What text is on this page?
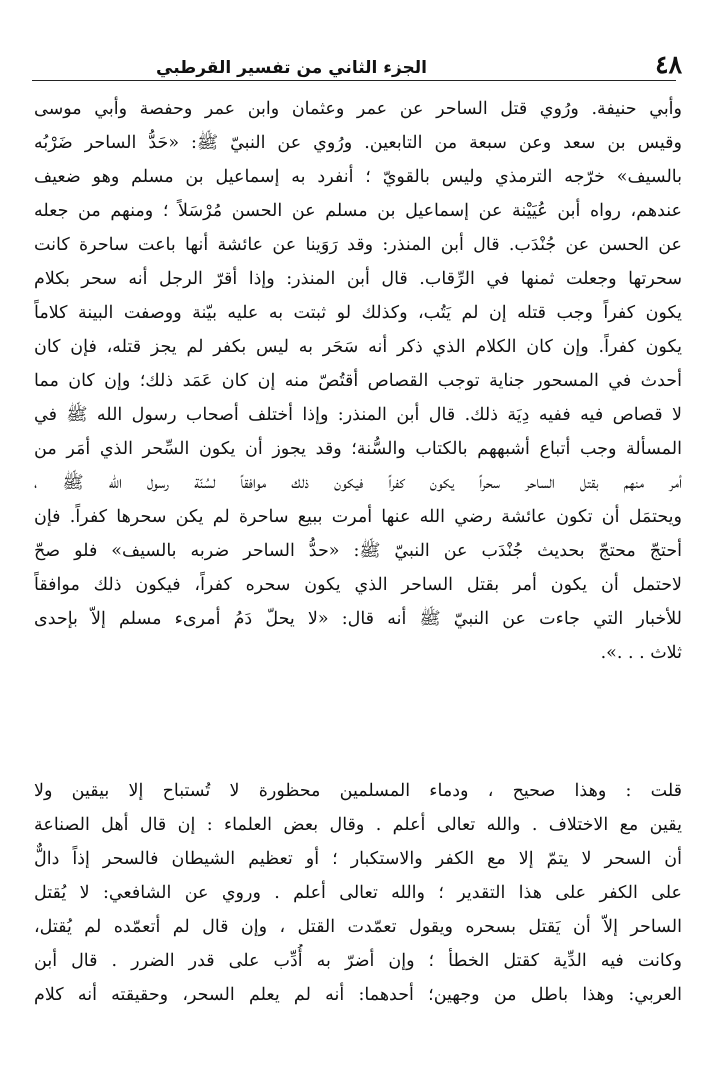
٤٨
الجزء الثاني من تفسير القرطبي
وأبي حنيفة. ورُوي قتل الساحر عن عمر وعثمان وابن عمر وحفصة وأبي موسى
وقيس بن سعد وعن سبعة من التابعين. ورُوي عن النبيّ ﷺ: «حَدُّ الساحر ضَرْبُه
بالسيف» خرّجه الترمذي وليس بالقويّ ؛ أنفرد به إسماعيل بن مسلم وهو ضعيف
عندهم، رواه أبن عُيَيْنة عن إسماعيل بن مسلم عن الحسن مُرْسَلاً ؛ ومنهم من جعله
عن الحسن عن جُنْدَب. قال أبن المنذر: وقد رَوَينا عن عائشة أنها باعت ساحرة كانت
سحرتها وجعلت ثمنها في الرِّقاب. قال أبن المنذر: وإذا أقرّ الرجل أنه سحر بكلام
يكون كفراً وجب قتله إن لم يَتُب، وكذلك لو ثبتت به عليه بيّنة ووصفت البينة كلاماً
يكون كفراً. وإن كان الكلام الذي ذكر أنه سَحَر به ليس بكفر لم يجز قتله، فإن كان
أحدث في المسحور جناية توجب القصاص أقتُصّ منه إن كان عَمَد ذلك؛ وإن كان مما
لا قصاص فيه ففيه دِيَة ذلك. قال أبن المنذر: وإذا أختلف أصحاب رسول الله ﷺ في
المسألة وجب أتباع أشبههم بالكتاب والسُّنة؛ وقد يجوز أن يكون السِّحر الذي أمَر من
أمر منهم بقتل الساحر سحراً يكون كفراً فيكون ذلك موافقاً لسُنّة رسول الله ﷺ ،
ويحتمَل أن تكون عائشة رضي الله عنها أمرت ببيع ساحرة لم يكن سحرها كفراً. فإن
أحتجّ محتجّ بحديث جُنْدَب عن النبيّ ﷺ: «حدُّ الساحر ضربه بالسيف» فلو صحّ
لاحتمل أن يكون أمر بقتل الساحر الذي يكون سحره كفراً، فيكون ذلك موافقاً
للأخبار التي جاءت عن النبيّ ﷺ أنه قال: «لا يحلّ دَمُ أمرىء مسلم إلاّ بإحدى
ثلاث . . .».
قلت : وهذا صحيح ، ودماء المسلمين محظورة لا تُستباح إلا بيقين ولا
يقين مع الاختلاف . والله تعالى أعلم . وقال بعض العلماء : إن قال أهل الصناعة
أن السحر لا يتمّ إلا مع الكفر والاستكبار ؛ أو تعظيم الشيطان فالسحر إذاً دالٌّ
على الكفر على هذا التقدير ؛ والله تعالى أعلم . وروي عن الشافعي: لا يُقتل
الساحر إلاّ أن يَقتل بسحره ويقول تعمّدت القتل ، وإن قال لم أتعمّده لم يُقتل،
وكانت فيه الدِّية كقتل الخطأ ؛ وإن أضرّ به أُدِّب على قدر الضرر . قال أبن
العربي: وهذا باطل من وجهين؛ أحدهما: أنه لم يعلم السحر، وحقيقته أنه كلام
